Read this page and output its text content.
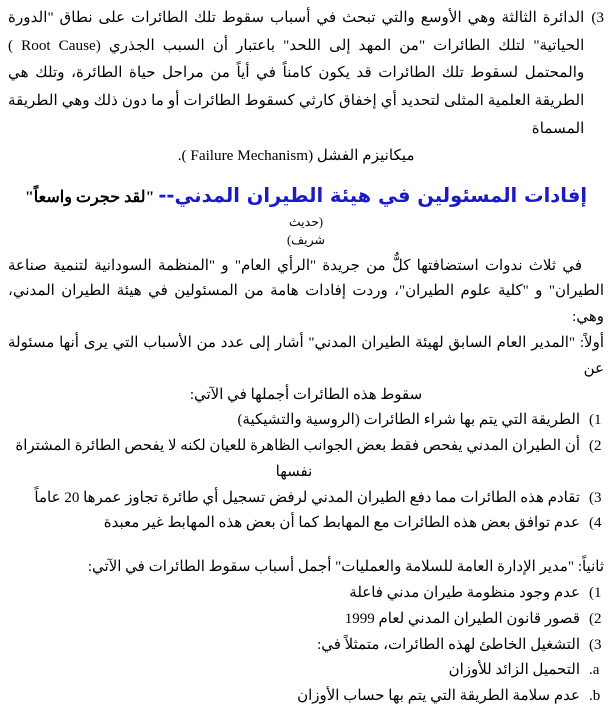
3)
الدائرة الثالثة وهي الأوسع والتي تبحث في أسباب سقوط تلك الطائرات على نطاق "الدورة الحياتية" لتلك الطائرات "من المهد إلى اللحد" باعتبار أن السبب الجذري (Root Cause ) والمحتمل لسقوط تلك الطائرات قد يكون كامناً في أياً من مراحل حياة الطائرة، وتلك هي الطريقة العلمية المثلى لتحديد أي إخفاق كارثي كسقوط الطائرات أو ما دون ذلك وهي الطريقة المسماة
ميكانيزم الفشل (Failure Mechanism ).
إفادات المسئولين في هيئة الطيران المدني-- "لقد حجرت واسعاً" (حديث
شريف)

في ثلاث ندوات استضافتها كلٌّ من جريدة "الرأي العام" و "المنظمة السودانية لتنمية صناعة الطيران" و "كلية علوم الطيران"، وردت إفادات هامة من المسئولين في هيئة الطيران المدني، وهي:

أولاً: "المدير العام السابق لهيئة الطيران المدني" أشار إلى عدد من الأسباب التي يرى أنها مسئولة عن
سقوط هذه الطائرات أجملها في الآتي:

1)
الطريقة التي يتم بها شراء الطائرات (الروسية والتشيكية)
2)
أن الطيران المدني يفحص فقط بعض الجوانب الظاهرة للعيان لكنه لا يفحص الطائرة المشتراة
نفسها
3)
تقادم هذه الطائرات مما دفع الطيران المدني لرفض تسجيل أي طائرة تجاوز عمرها 20 عاماً
4)
عدم توافق بعض هذه الطائرات مع المهابط كما أن بعض هذه المهابط غير معبدة

ثانياً: "مدير الإدارة العامة للسلامة والعمليات" أجمل أسباب سقوط الطائرات في الآتي:

1)
عدم وجود منظومة طيران مدني فاعلة
2)
قصور قانون الطيران المدني لعام 1999
3)
التشغيل الخاطئ لهذه الطائرات، متمثلاً في:
a.
التحميل الزائد للأوزان
b.
عدم سلامة الطريقة التي يتم بها حساب الأوزان
